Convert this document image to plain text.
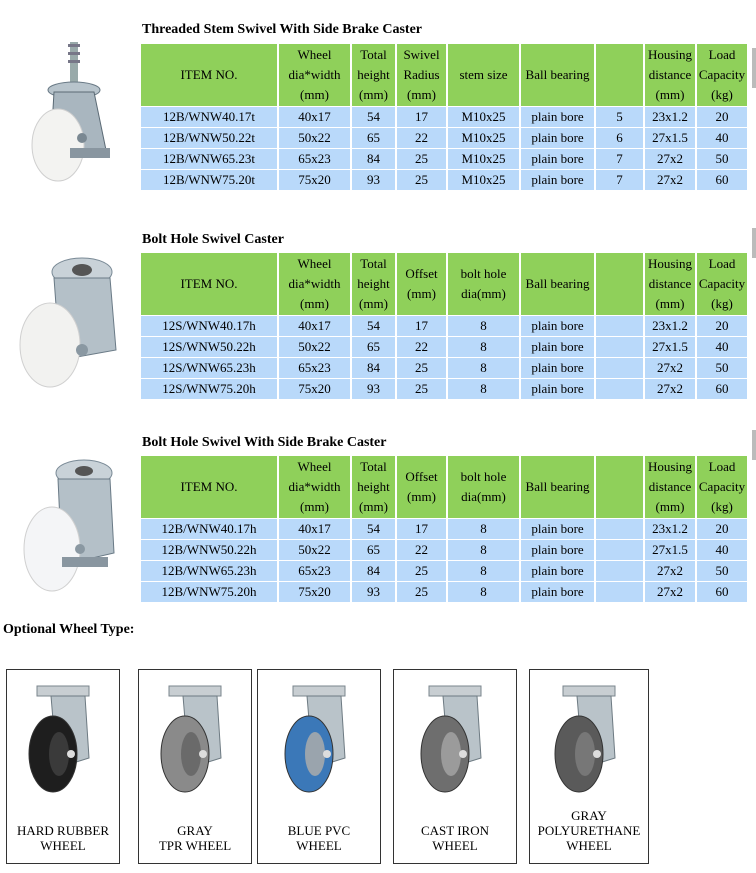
Threaded Stem Swivel With Side Brake Caster
ITEM NO.	Wheel dia*width (mm)	Total height (mm)	Swivel Radius (mm)	stem size	Ball bearing		Housing distance (mm)	Load Capacity (kg)
12B/WNW40.17t	40x17	54	17	M10x25	plain bore	5	23x1.2	20
12B/WNW50.22t	50x22	65	22	M10x25	plain bore	6	27x1.5	40
12B/WNW65.23t	65x23	84	25	M10x25	plain bore	7	27x2	50
12B/WNW75.20t	75x20	93	25	M10x25	plain bore	7	27x2	60
Bolt Hole Swivel Caster
ITEM NO.	Wheel dia*width (mm)	Total height (mm)	Offset (mm)	bolt hole dia(mm)	Ball bearing		Housing distance (mm)	Load Capacity (kg)
12S/WNW40.17h	40x17	54	17	8	plain bore		23x1.2	20
12S/WNW50.22h	50x22	65	22	8	plain bore		27x1.5	40
12S/WNW65.23h	65x23	84	25	8	plain bore		27x2	50
12S/WNW75.20h	75x20	93	25	8	plain bore		27x2	60
Bolt Hole Swivel With Side Brake Caster
ITEM NO.	Wheel dia*width (mm)	Total height (mm)	Offset (mm)	bolt hole dia(mm)	Ball bearing		Housing distance (mm)	Load Capacity (kg)
12B/WNW40.17h	40x17	54	17	8	plain bore		23x1.2	20
12B/WNW50.22h	50x22	65	22	8	plain bore		27x1.5	40
12B/WNW65.23h	65x23	84	25	8	plain bore		27x2	50
12B/WNW75.20h	75x20	93	25	8	plain bore		27x2	60
Optional Wheel Type:
HARD RUBBER
WHEEL
GRAY
TPR WHEEL
BLUE PVC
WHEEL
CAST IRON
WHEEL
GRAY POLYURETHANE
WHEEL
